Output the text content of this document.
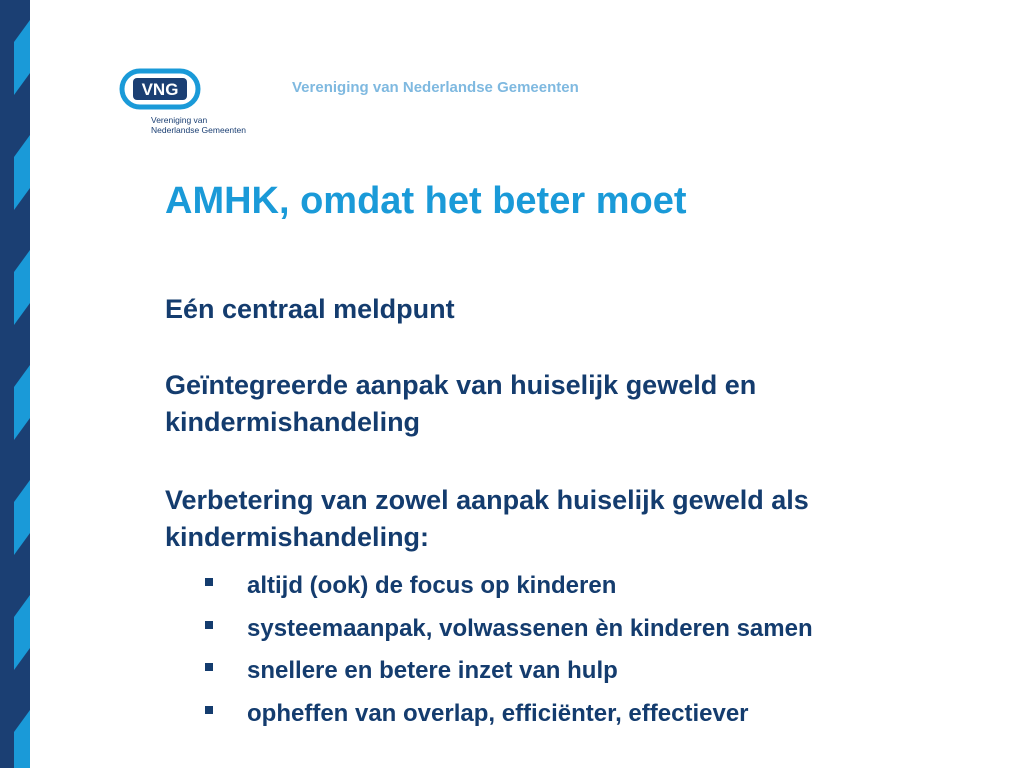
VNG
Vereniging van
Nederlandse Gemeenten
Vereniging van Nederlandse Gemeenten
AMHK, omdat het beter moet

Eén centraal meldpunt

Geïntegreerde aanpak van huiselijk geweld en kindermishandeling

Verbetering van zowel aanpak huiselijk geweld als kindermishandeling:

altijd (ook) de focus op kinderen
systeemaanpak, volwassenen èn kinderen samen
snellere en betere inzet van hulp
opheffen van overlap, efficiënter, effectiever
